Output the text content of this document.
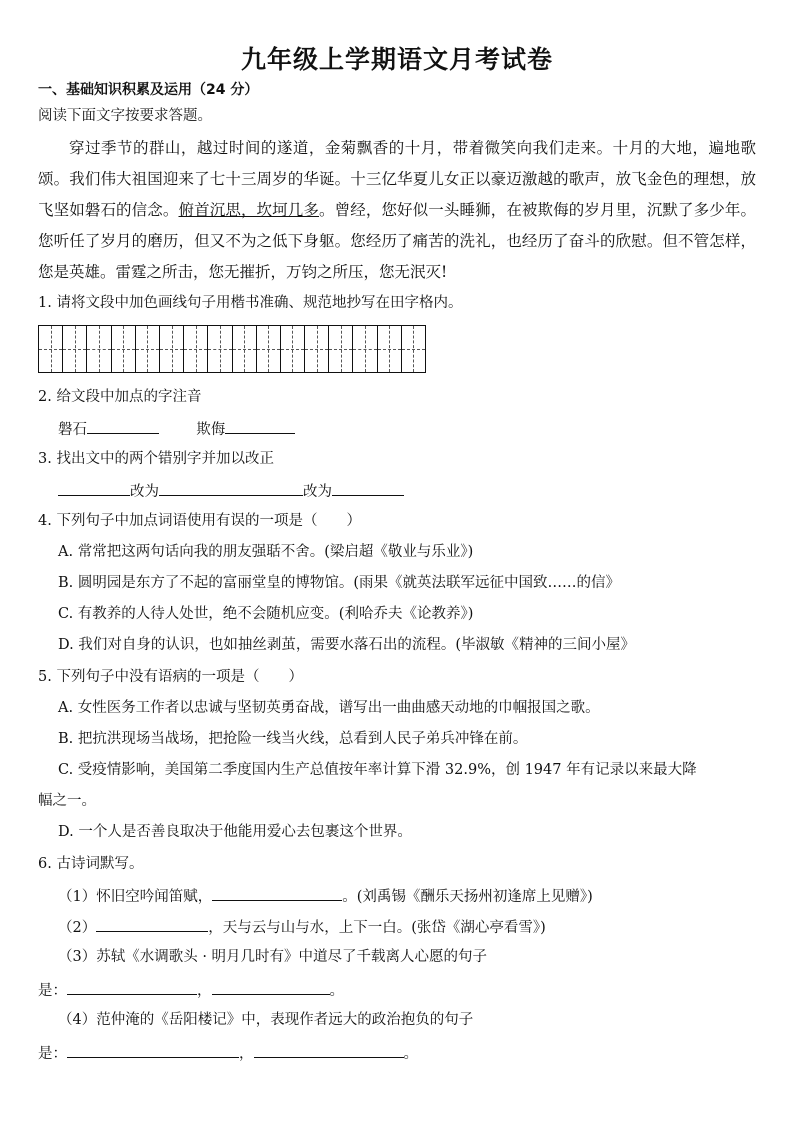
九年级上学期语文月考试卷
一、基础知识积累及运用（24 分）
阅读下面文字按要求答题。
穿过季节的群山，越过时间的遂道，金菊飘香的十月，带着微笑向我们走来。十月的大地，遍地歌颂。我们伟大祖国迎来了七十三周岁的华诞。十三亿华夏儿女正以豪迈激越的歌声，放飞金色的理想，放飞坚如磐石的信念。俯首沉思，坎坷几多。曾经，您好似一头睡狮，在被欺侮的岁月里，沉默了多少年。您听任了岁月的磨历，但又不为之低下身躯。您经历了痛苦的洗礼，也经历了奋斗的欣慰。但不管怎样，您是英雄。雷霆之所击，您无摧折，万钧之所压，您无泯灭!
1. 请将文段中加色画线句子用楷书准确、规范地抄写在田字格内。
2. 给文段中加点的字注音
磐石	欺侮
3. 找出文中的两个错别字并加以改正
改为	改为
4. 下列句子中加点词语使用有误的一项是（　　）
A. 常常把这两句话向我的朋友强聒不舍。(梁启超《敬业与乐业》)
B. 圆明园是东方了不起的富丽堂皇的博物馆。(雨果《就英法联军远征中国致……的信》
C. 有教养的人待人处世，绝不会随机应变。(利哈乔夫《论教养》)
D. 我们对自身的认识，也如抽丝剥茧，需要水落石出的流程。(毕淑敏《精神的三间小屋》
5. 下列句子中没有语病的一项是（　　）
A. 女性医务工作者以忠诚与坚韧英勇奋战，谱写出一曲曲感天动地的巾帼报国之歌。
B. 把抗洪现场当战场，把抢险一线当火线，总看到人民子弟兵冲锋在前。
C. 受疫情影响，美国第二季度国内生产总值按年率计算下滑 32.9%，创 1947 年有记录以来最大降
幅之一。
D. 一个人是否善良取决于他能用爱心去包裹这个世界。
6. 古诗词默写。
（1）怀旧空吟闻笛赋，	。(刘禹锡《酬乐天扬州初逢席上见赠》)
（2）	，天与云与山与水，上下一白。(张岱《湖心亭看雪》)
（3）苏轼《水调歌头 · 明月几时有》中道尽了千载离人心愿的句子
是：	，	。
（4）范仲淹的《岳阳楼记》中，表现作者远大的政治抱负的句子
是：	，	。
